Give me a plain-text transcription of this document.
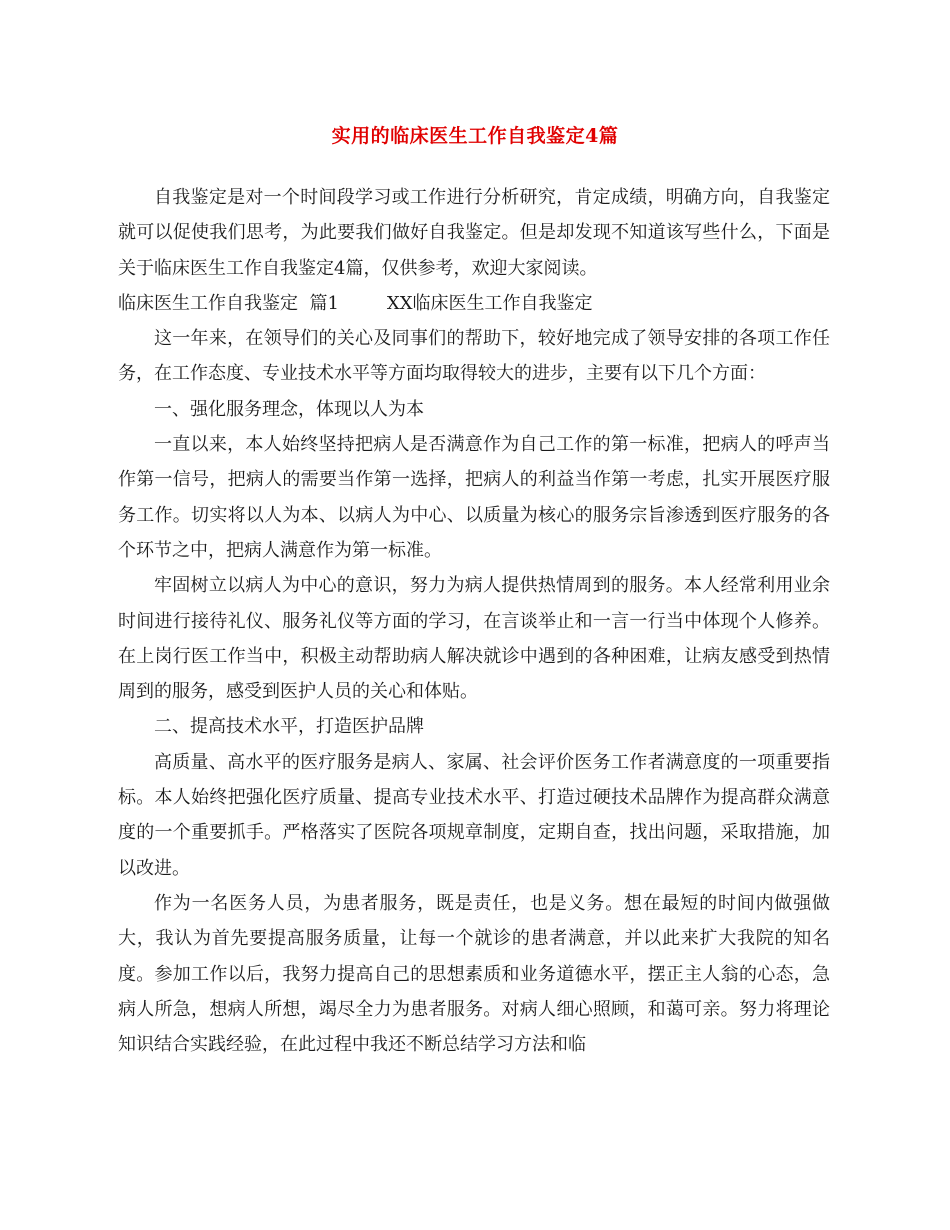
实用的临床医生工作自我鉴定4篇

自我鉴定是对一个时间段学习或工作进行分析研究，肯定成绩，明确方向，自我鉴定就可以促使我们思考，为此要我们做好自我鉴定。但是却发现不知道该写些什么，下面是关于临床医生工作自我鉴定4篇，仅供参考，欢迎大家阅读。

临床医生工作自我鉴定  篇1	XX临床医生工作自我鉴定

这一年来，在领导们的关心及同事们的帮助下，较好地完成了领导安排的各项工作任务，在工作态度、专业技术水平等方面均取得较大的进步，主要有以下几个方面：

一、强化服务理念，体现以人为本

一直以来，本人始终坚持把病人是否满意作为自己工作的第一标准，把病人的呼声当作第一信号，把病人的需要当作第一选择，把病人的利益当作第一考虑，扎实开展医疗服务工作。切实将以人为本、以病人为中心、以质量为核心的服务宗旨渗透到医疗服务的各个环节之中，把病人满意作为第一标准。

牢固树立以病人为中心的意识，努力为病人提供热情周到的服务。本人经常利用业余时间进行接待礼仪、服务礼仪等方面的学习，在言谈举止和一言一行当中体现个人修养。在上岗行医工作当中，积极主动帮助病人解决就诊中遇到的各种困难，让病友感受到热情周到的服务，感受到医护人员的关心和体贴。

二、提高技术水平，打造医护品牌

高质量、高水平的医疗服务是病人、家属、社会评价医务工作者满意度的一项重要指标。本人始终把强化医疗质量、提高专业技术水平、打造过硬技术品牌作为提高群众满意度的一个重要抓手。严格落实了医院各项规章制度，定期自查，找出问题，采取措施，加以改进。

作为一名医务人员，为患者服务，既是责任，也是义务。想在最短的时间内做强做大，我认为首先要提高服务质量，让每一个就诊的患者满意，并以此来扩大我院的知名度。参加工作以后，我努力提高自己的思想素质和业务道德水平，摆正主人翁的心态，急病人所急，想病人所想，竭尽全力为患者服务。对病人细心照顾，和蔼可亲。努力将理论知识结合实践经验，在此过程中我还不断总结学习方法和临
